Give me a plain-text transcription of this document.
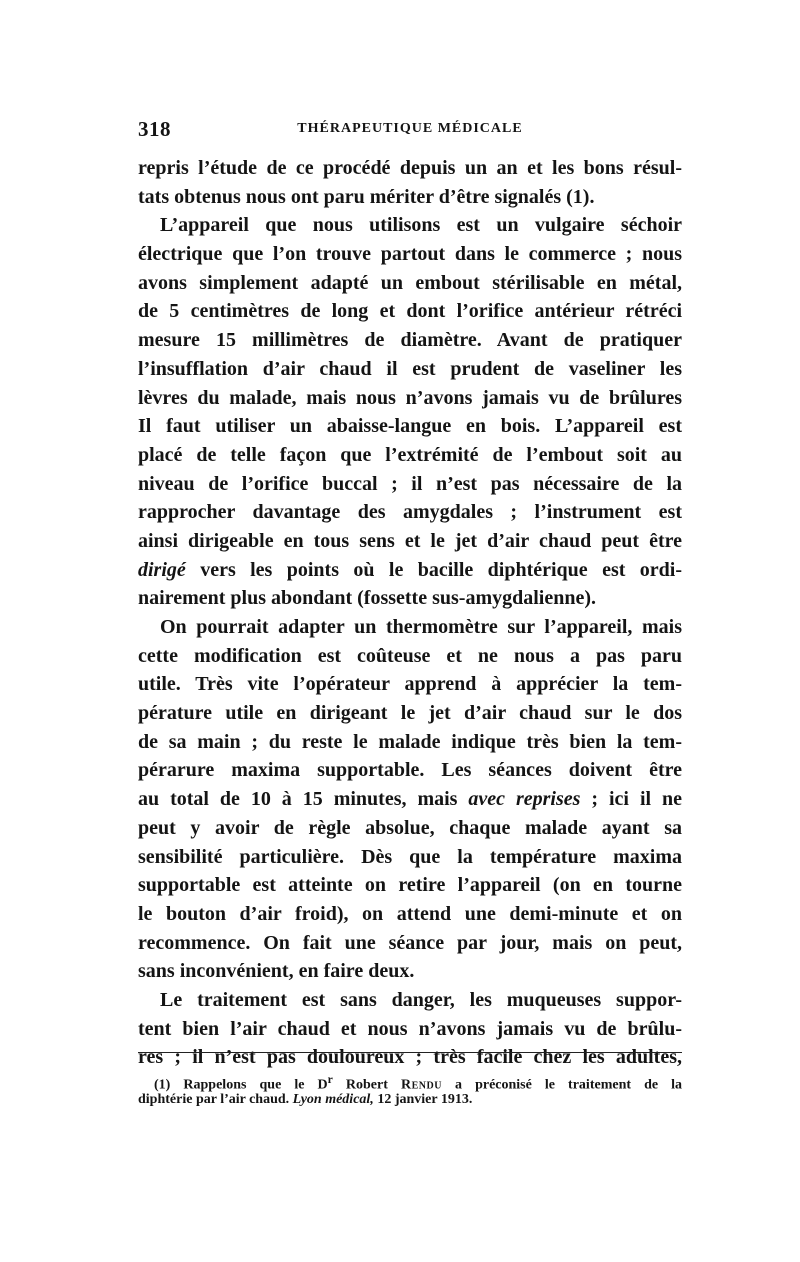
318	THÉRAPEUTIQUE MÉDICALE
repris l’étude de ce procédé depuis un an et les bons résul-
tats obtenus nous ont paru mériter d’être signalés (1).
L’appareil que nous utilisons est un vulgaire séchoir
électrique que l’on trouve partout dans le commerce ; nous
avons simplement adapté un embout stérilisable en métal,
de 5 centimètres de long et dont l’orifice antérieur rétréci
mesure 15 millimètres de diamètre. Avant de pratiquer
l’insufflation d’air chaud il est prudent de vaseliner les
lèvres du malade, mais nous n’avons jamais vu de brûlures
Il faut utiliser un abaisse-langue en bois. L’appareil est
placé de telle façon que l’extrémité de l’embout soit au
niveau de l’orifice buccal ; il n’est pas nécessaire de la
rapprocher davantage des amygdales ; l’instrument est
ainsi dirigeable en tous sens et le jet d’air chaud peut être
dirigé vers les points où le bacille diphtérique est ordi-
nairement plus abondant (fossette sus-amygdalienne).
On pourrait adapter un thermomètre sur l’appareil, mais
cette modification est coûteuse et ne nous a pas paru
utile. Très vite l’opérateur apprend à apprécier la tem-
pérature utile en dirigeant le jet d’air chaud sur le dos
de sa main ; du reste le malade indique très bien la tem-
pérarure maxima supportable. Les séances doivent être
au total de 10 à 15 minutes, mais avec reprises ; ici il ne
peut y avoir de règle absolue, chaque malade ayant sa
sensibilité particulière. Dès que la température maxima
supportable est atteinte on retire l’appareil (on en tourne
le bouton d’air froid), on attend une demi-minute et on
recommence. On fait une séance par jour, mais on peut,
sans inconvénient, en faire deux.
Le traitement est sans danger, les muqueuses suppor-
tent bien l’air chaud et nous n’avons jamais vu de brûlu-
res ; il n’est pas douloureux ; très facile chez les adultes,
(1) Rappelons que le $D^r$ Robert Rendu a préconisé le traitement de la
diphtérie par l’air chaud. Lyon médical, 12 janvier 1913.
